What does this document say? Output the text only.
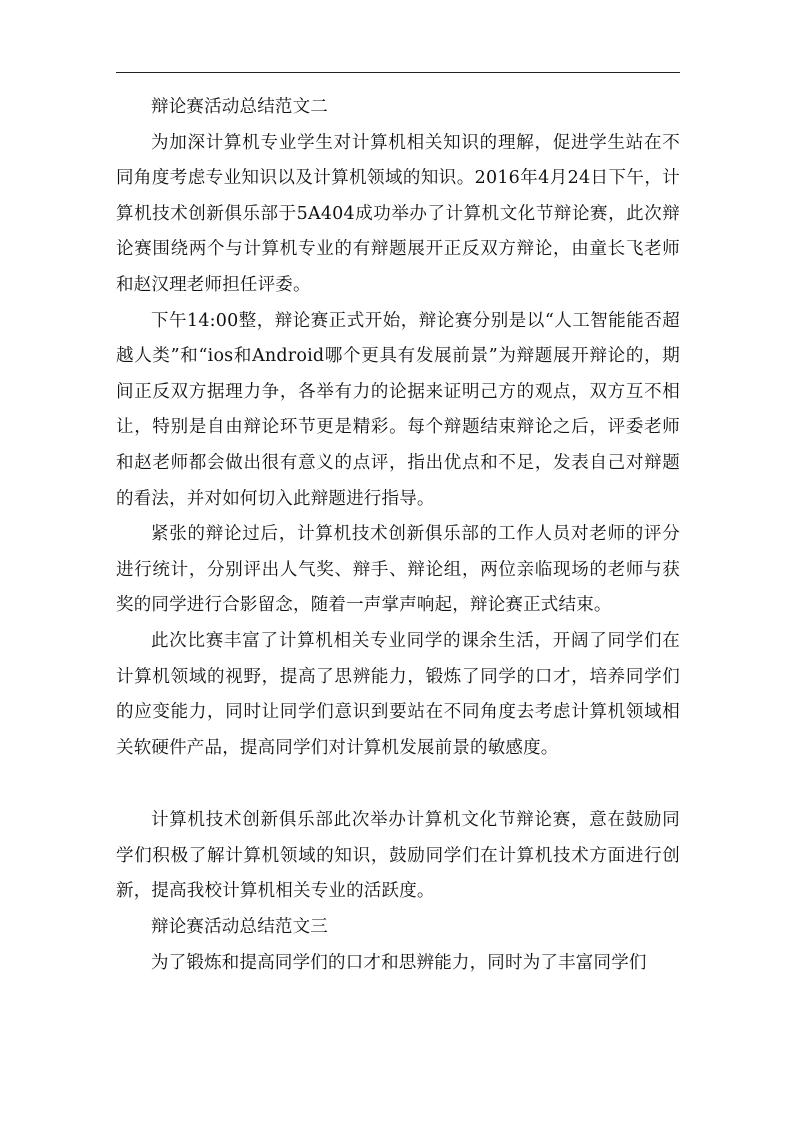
辩论赛活动总结范文二

为加深计算机专业学生对计算机相关知识的理解，促进学生站在不同角度考虑专业知识以及计算机领域的知识。2016年4月24日下午，计算机技术创新俱乐部于5A404成功举办了计算机文化节辩论赛，此次辩论赛围绕两个与计算机专业的有辩题展开正反双方辩论，由童长飞老师和赵汉理老师担任评委。

下午14:00整，辩论赛正式开始，辩论赛分别是以“人工智能能否超越人类”和“ios和Android哪个更具有发展前景”为辩题展开辩论的，期间正反双方据理力争，各举有力的论据来证明己方的观点，双方互不相让，特别是自由辩论环节更是精彩。每个辩题结束辩论之后，评委老师和赵老师都会做出很有意义的点评，指出优点和不足，发表自己对辩题的看法，并对如何切入此辩题进行指导。

紧张的辩论过后，计算机技术创新俱乐部的工作人员对老师的评分进行统计，分别评出人气奖、辩手、辩论组，两位亲临现场的老师与获奖的同学进行合影留念，随着一声掌声响起，辩论赛正式结束。

此次比赛丰富了计算机相关专业同学的课余生活，开阔了同学们在计算机领域的视野，提高了思辨能力，锻炼了同学的口才，培养同学们的应变能力，同时让同学们意识到要站在不同角度去考虑计算机领域相关软硬件产品，提高同学们对计算机发展前景的敏感度。

计算机技术创新俱乐部此次举办计算机文化节辩论赛，意在鼓励同学们积极了解计算机领域的知识，鼓励同学们在计算机技术方面进行创新，提高我校计算机相关专业的活跃度。

辩论赛活动总结范文三

为了锻炼和提高同学们的口才和思辨能力，同时为了丰富同学们
